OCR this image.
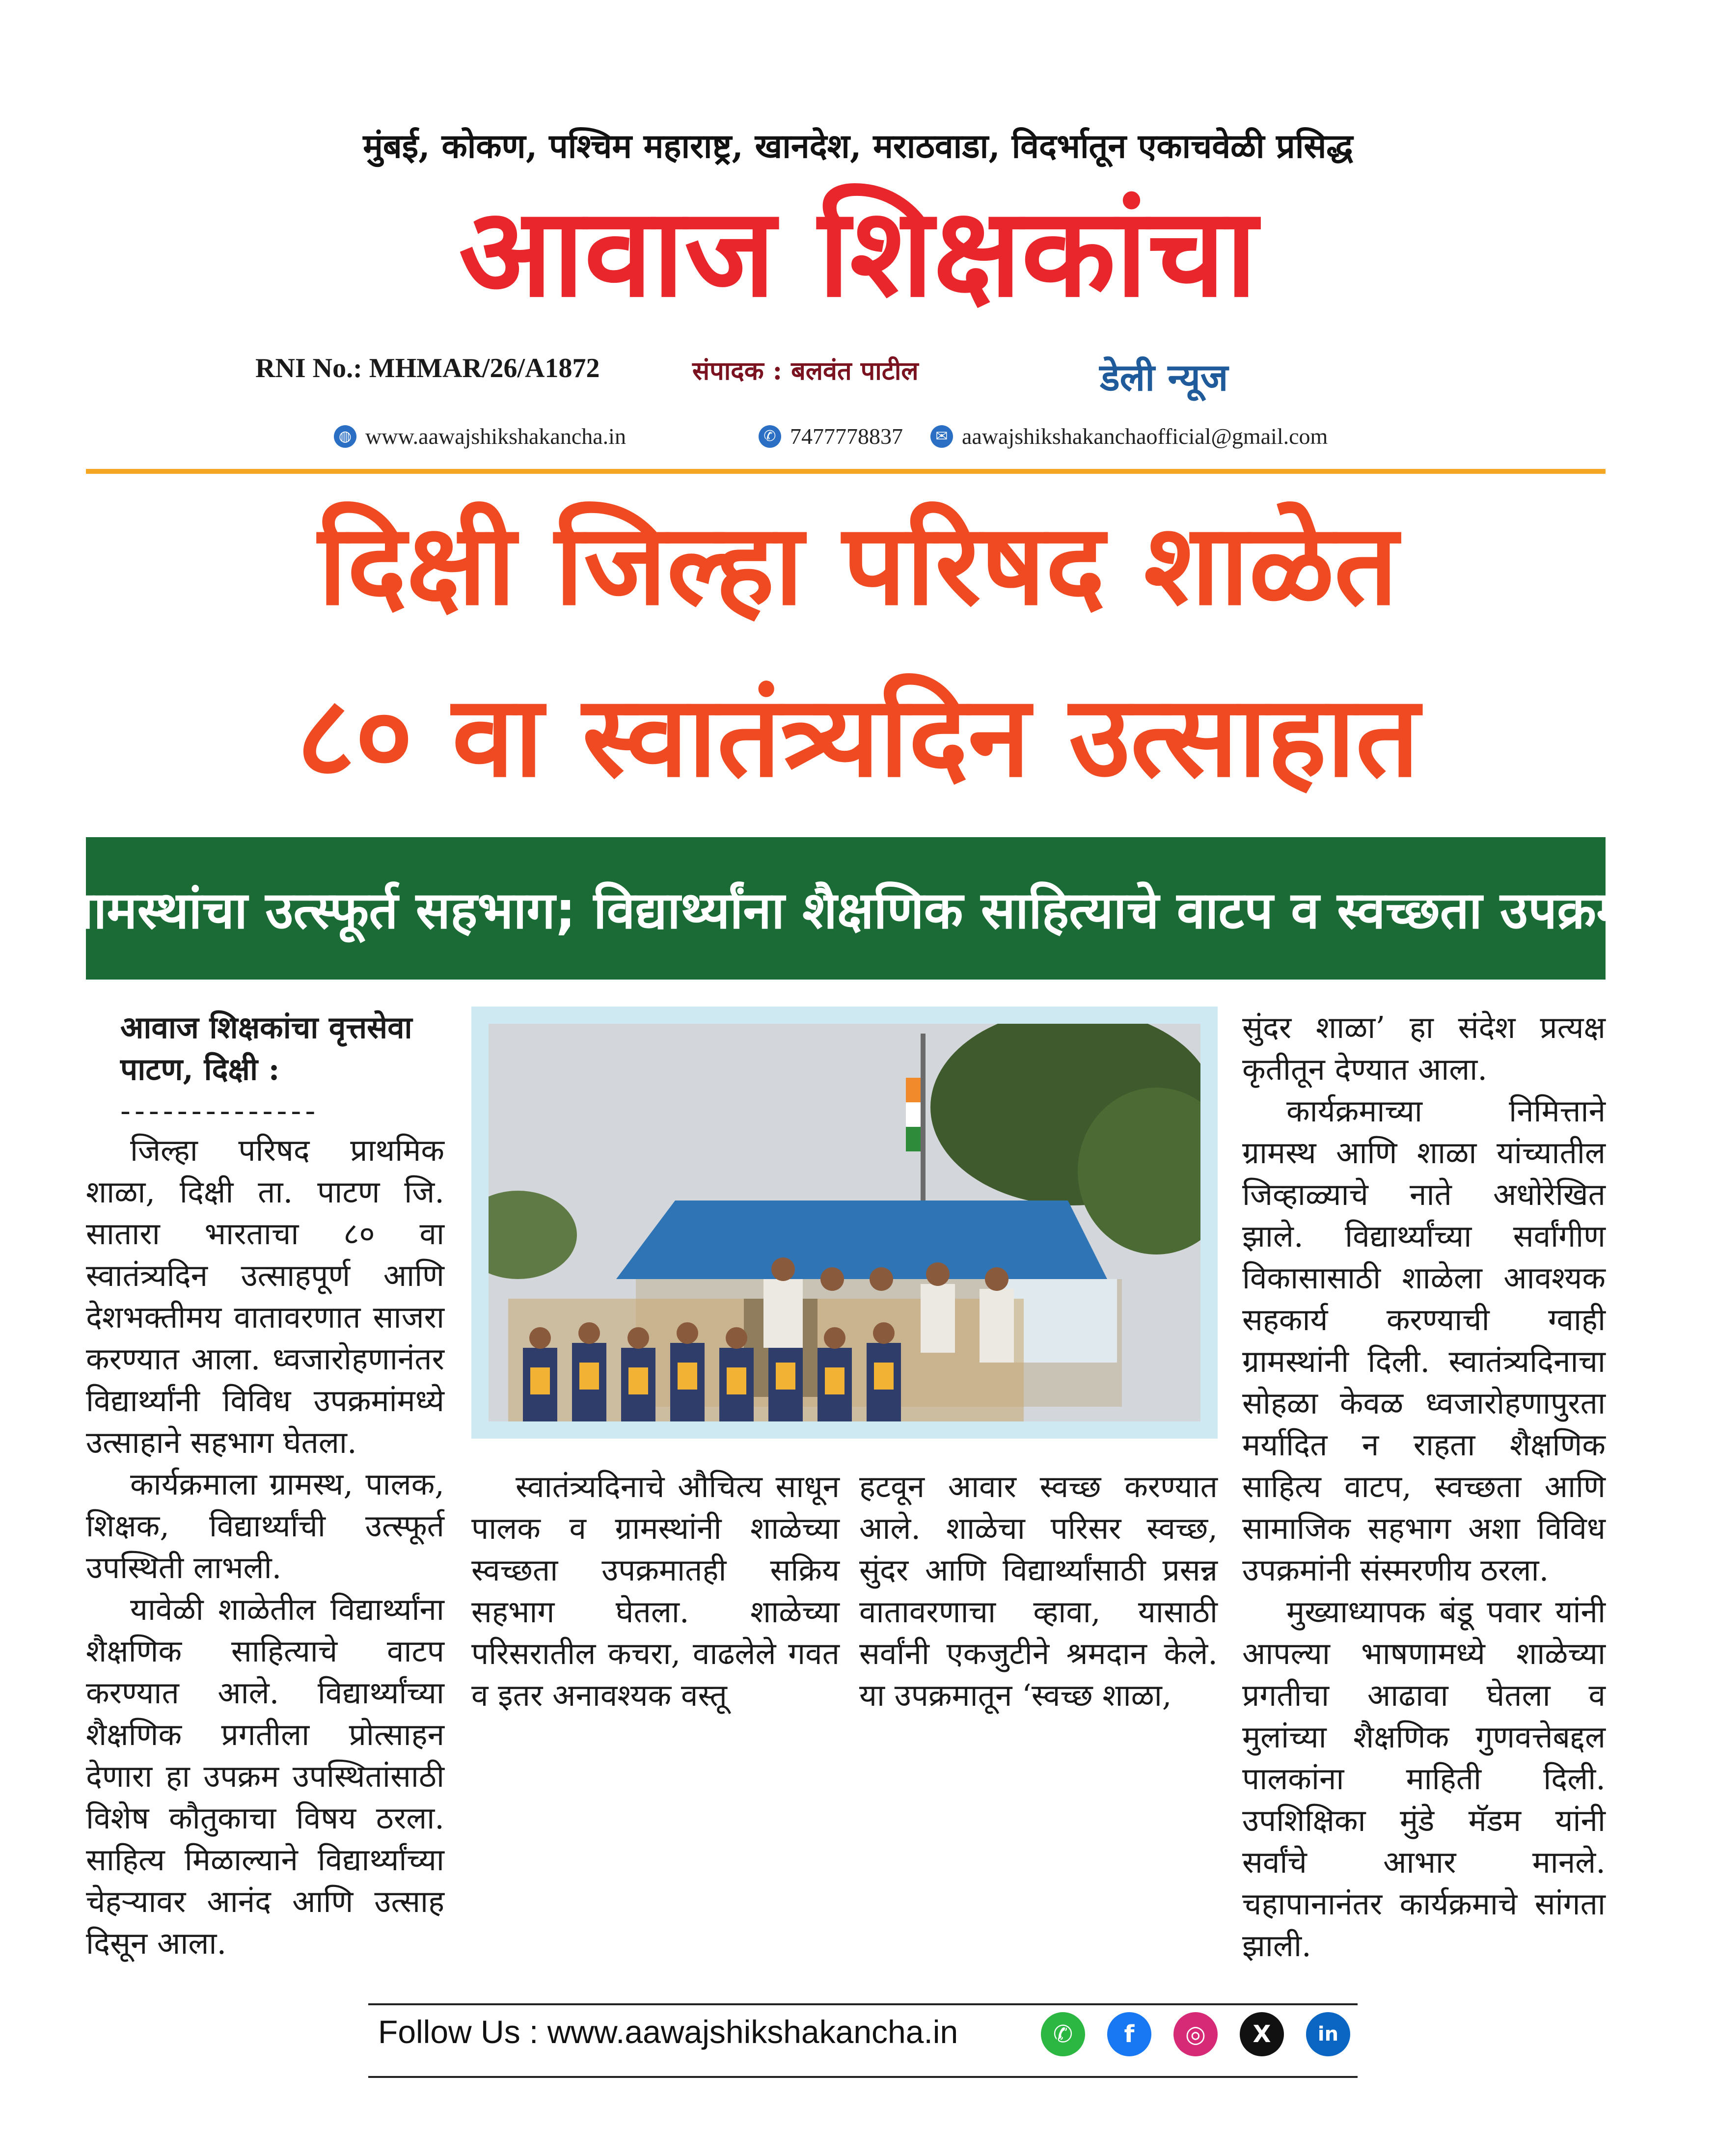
मुंबई, कोकण, पश्चिम महाराष्ट्र, खानदेश, मराठवाडा, विदर्भातून एकाचवेळी प्रसिद्ध
आवाज शिक्षकांचा
RNI No.: MHMAR/26/A1872	संपादक : बलवंत पाटील	डेली न्यूज
◍ www.aawajshikshakancha.in	✆ 7477778837	✉ aawajshikshakanchaofficial@gmail.com
दिक्षी जिल्हा परिषद शाळेत
८० वा स्वातंत्र्यदिन उत्साहात
ग्रामस्थांचा उत्स्फूर्त सहभाग; विद्यार्थ्यांना शैक्षणिक साहित्याचे वाटप व स्वच्छता उपक्रम
आवाज शिक्षकांचा वृत्तसेवा
पाटण, दिक्षी :
--------------

जिल्हा परिषद प्राथमिक शाळा, दिक्षी ता. पाटण जि. सातारा भारताचा ८० वा स्वातंत्र्यदिन उत्साहपूर्ण आणि देशभक्तीमय वातावरणात साजरा करण्यात आला. ध्वजारोहणानंतर विद्यार्थ्यांनी विविध उपक्रमांमध्ये उत्साहाने सहभाग घेतला.

कार्यक्रमाला ग्रामस्थ, पालक, शिक्षक, विद्यार्थ्यांची उत्स्फूर्त उपस्थिती लाभली.

यावेळी शाळेतील विद्यार्थ्यांना शैक्षणिक साहित्याचे वाटप करण्यात आले. विद्यार्थ्यांच्या शैक्षणिक प्रगतीला प्रोत्साहन देणारा हा उपक्रम उपस्थितांसाठी विशेष कौतुकाचा विषय ठरला. साहित्य मिळाल्याने विद्यार्थ्यांच्या चेहऱ्यावर आनंद आणि उत्साह दिसून आला.

स्वातंत्र्यदिनाचे औचित्य साधून पालक व ग्रामस्थांनी शाळेच्या स्वच्छता उपक्रमातही सक्रिय सहभाग घेतला. शाळेच्या परिसरातील कचरा, वाढलेले गवत व इतर अनावश्यक वस्तू

हटवून आवार स्वच्छ करण्यात आले. शाळेचा परिसर स्वच्छ, सुंदर आणि विद्यार्थ्यांसाठी प्रसन्न वातावरणाचा व्हावा, यासाठी सर्वांनी एकजुटीने श्रमदान केले. या उपक्रमातून ‘स्वच्छ शाळा,

सुंदर शाळा’ हा संदेश प्रत्यक्ष कृतीतून देण्यात आला.

कार्यक्रमाच्या निमित्ताने ग्रामस्थ आणि शाळा यांच्यातील जिव्हाळ्याचे नाते अधोरेखित झाले. विद्यार्थ्यांच्या सर्वांगीण विकासासाठी शाळेला आवश्यक सहकार्य करण्याची ग्वाही ग्रामस्थांनी दिली. स्वातंत्र्यदिनाचा सोहळा केवळ ध्वजारोहणापुरता मर्यादित न राहता शैक्षणिक साहित्य वाटप, स्वच्छता आणि सामाजिक सहभाग अशा विविध उपक्रमांनी संस्मरणीय ठरला.

मुख्याध्यापक बंडू पवार यांनी आपल्या भाषणामध्ये शाळेच्या प्रगतीचा आढावा घेतला व मुलांच्या शैक्षणिक गुणवत्तेबद्दल पालकांना माहिती दिली. उपशिक्षिका मुंडे मॅडम यांनी सर्वांचे आभार मानले. चहापानानंतर कार्यक्रमाचे सांगता झाली.

Follow Us : www.aawajshikshakancha.in	✆	f	◎	X	in
